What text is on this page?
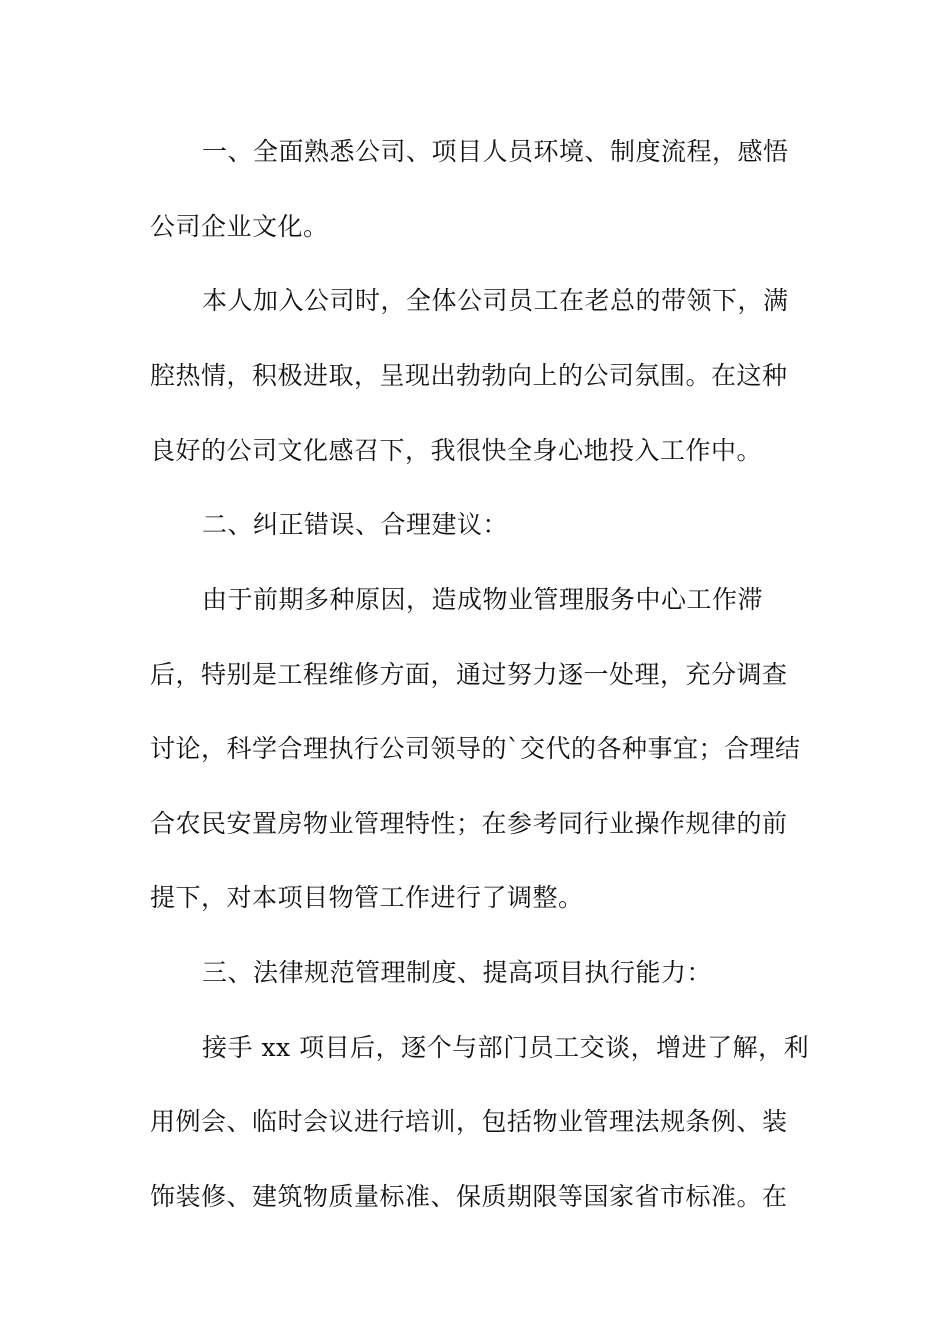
一、全面熟悉公司、项目人员环境、制度流程，感悟
公司企业文化。
本人加入公司时，全体公司员工在老总的带领下，满
腔热情，积极进取，呈现出勃勃向上的公司氛围。在这种
良好的公司文化感召下，我很快全身心地投入工作中。
二、纠正错误、合理建议：
由于前期多种原因，造成物业管理服务中心工作滞
后，特别是工程维修方面，通过努力逐一处理，充分调查
讨论，科学合理执行公司领导的`交代的各种事宜；合理结
合农民安置房物业管理特性；在参考同行业操作规律的前
提下，对本项目物管工作进行了调整。
三、法律规范管理制度、提高项目执行能力：
接手 xx 项目后，逐个与部门员工交谈，增进了解，利
用例会、临时会议进行培训，包括物业管理法规条例、装
饰装修、建筑物质量标准、保质期限等国家省市标准。在
